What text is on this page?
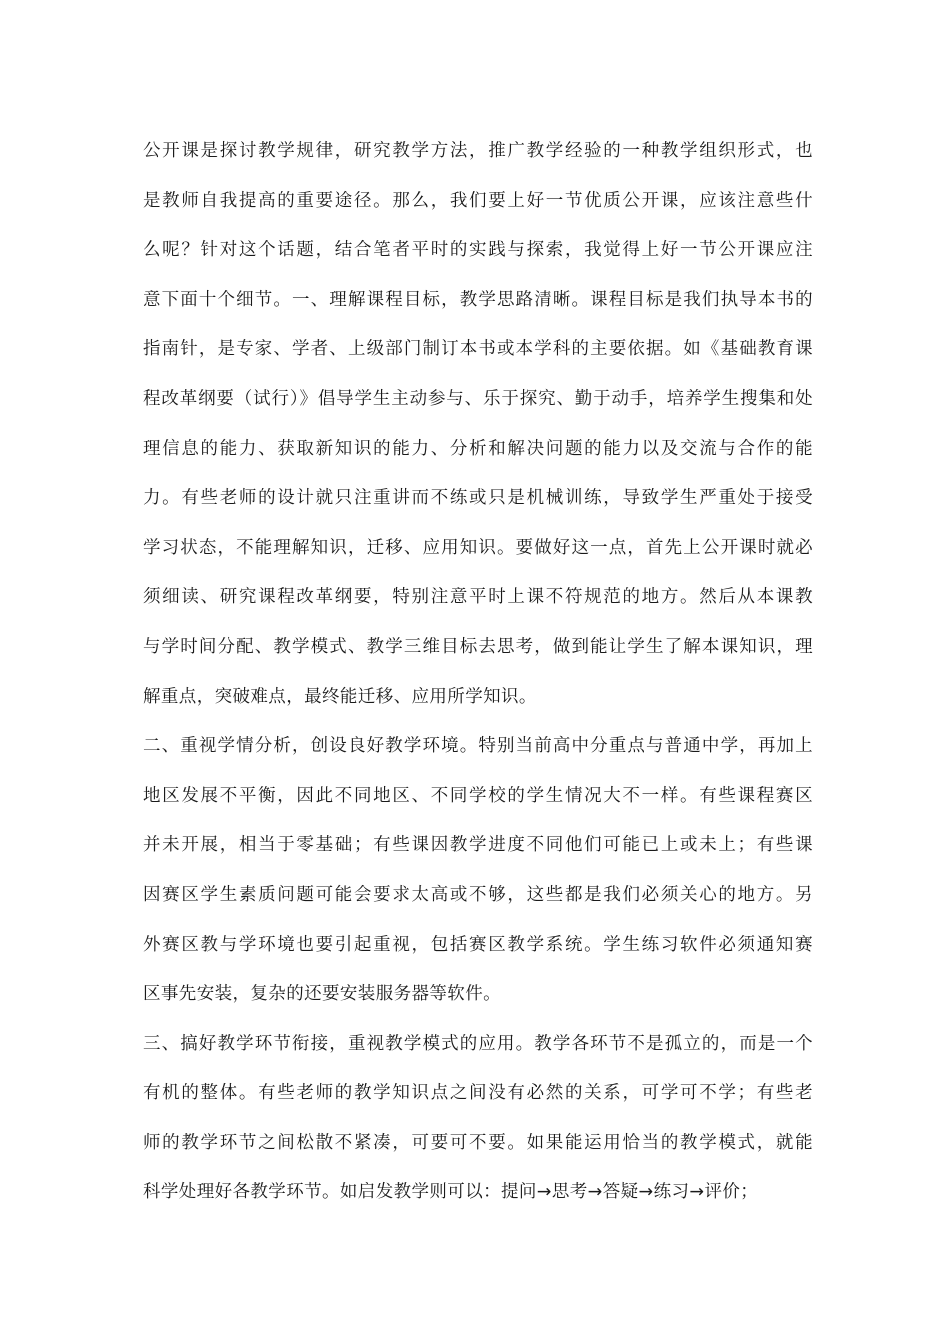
公开课是探讨教学规律，研究教学方法，推广教学经验的一种教学组织形式，也
是教师自我提高的重要途径。那么，我们要上好一节优质公开课，应该注意些什
么呢？针对这个话题，结合笔者平时的实践与探索，我觉得上好一节公开课应注
意下面十个细节。一、理解课程目标，教学思路清晰。课程目标是我们执导本书的
指南针，是专家、学者、上级部门制订本书或本学科的主要依据。如《基础教育课
程改革纲要（试行）》倡导学生主动参与、乐于探究、勤于动手，培养学生搜集和处
理信息的能力、获取新知识的能力、分析和解决问题的能力以及交流与合作的能
力。有些老师的设计就只注重讲而不练或只是机械训练，导致学生严重处于接受
学习状态，不能理解知识，迁移、应用知识。要做好这一点，首先上公开课时就必
须细读、研究课程改革纲要，特别注意平时上课不符规范的地方。然后从本课教
与学时间分配、教学模式、教学三维目标去思考，做到能让学生了解本课知识，理
解重点，突破难点，最终能迁移、应用所学知识。
二、重视学情分析，创设良好教学环境。特别当前高中分重点与普通中学，再加上
地区发展不平衡，因此不同地区、不同学校的学生情况大不一样。有些课程赛区
并未开展，相当于零基础；有些课因教学进度不同他们可能已上或未上；有些课
因赛区学生素质问题可能会要求太高或不够，这些都是我们必须关心的地方。另
外赛区教与学环境也要引起重视，包括赛区教学系统。学生练习软件必须通知赛
区事先安装，复杂的还要安装服务器等软件。
三、搞好教学环节衔接，重视教学模式的应用。教学各环节不是孤立的，而是一个
有机的整体。有些老师的教学知识点之间没有必然的关系，可学可不学；有些老
师的教学环节之间松散不紧凑，可要可不要。如果能运用恰当的教学模式，就能
科学处理好各教学环节。如启发教学则可以：提问→思考→答疑→练习→评价；
